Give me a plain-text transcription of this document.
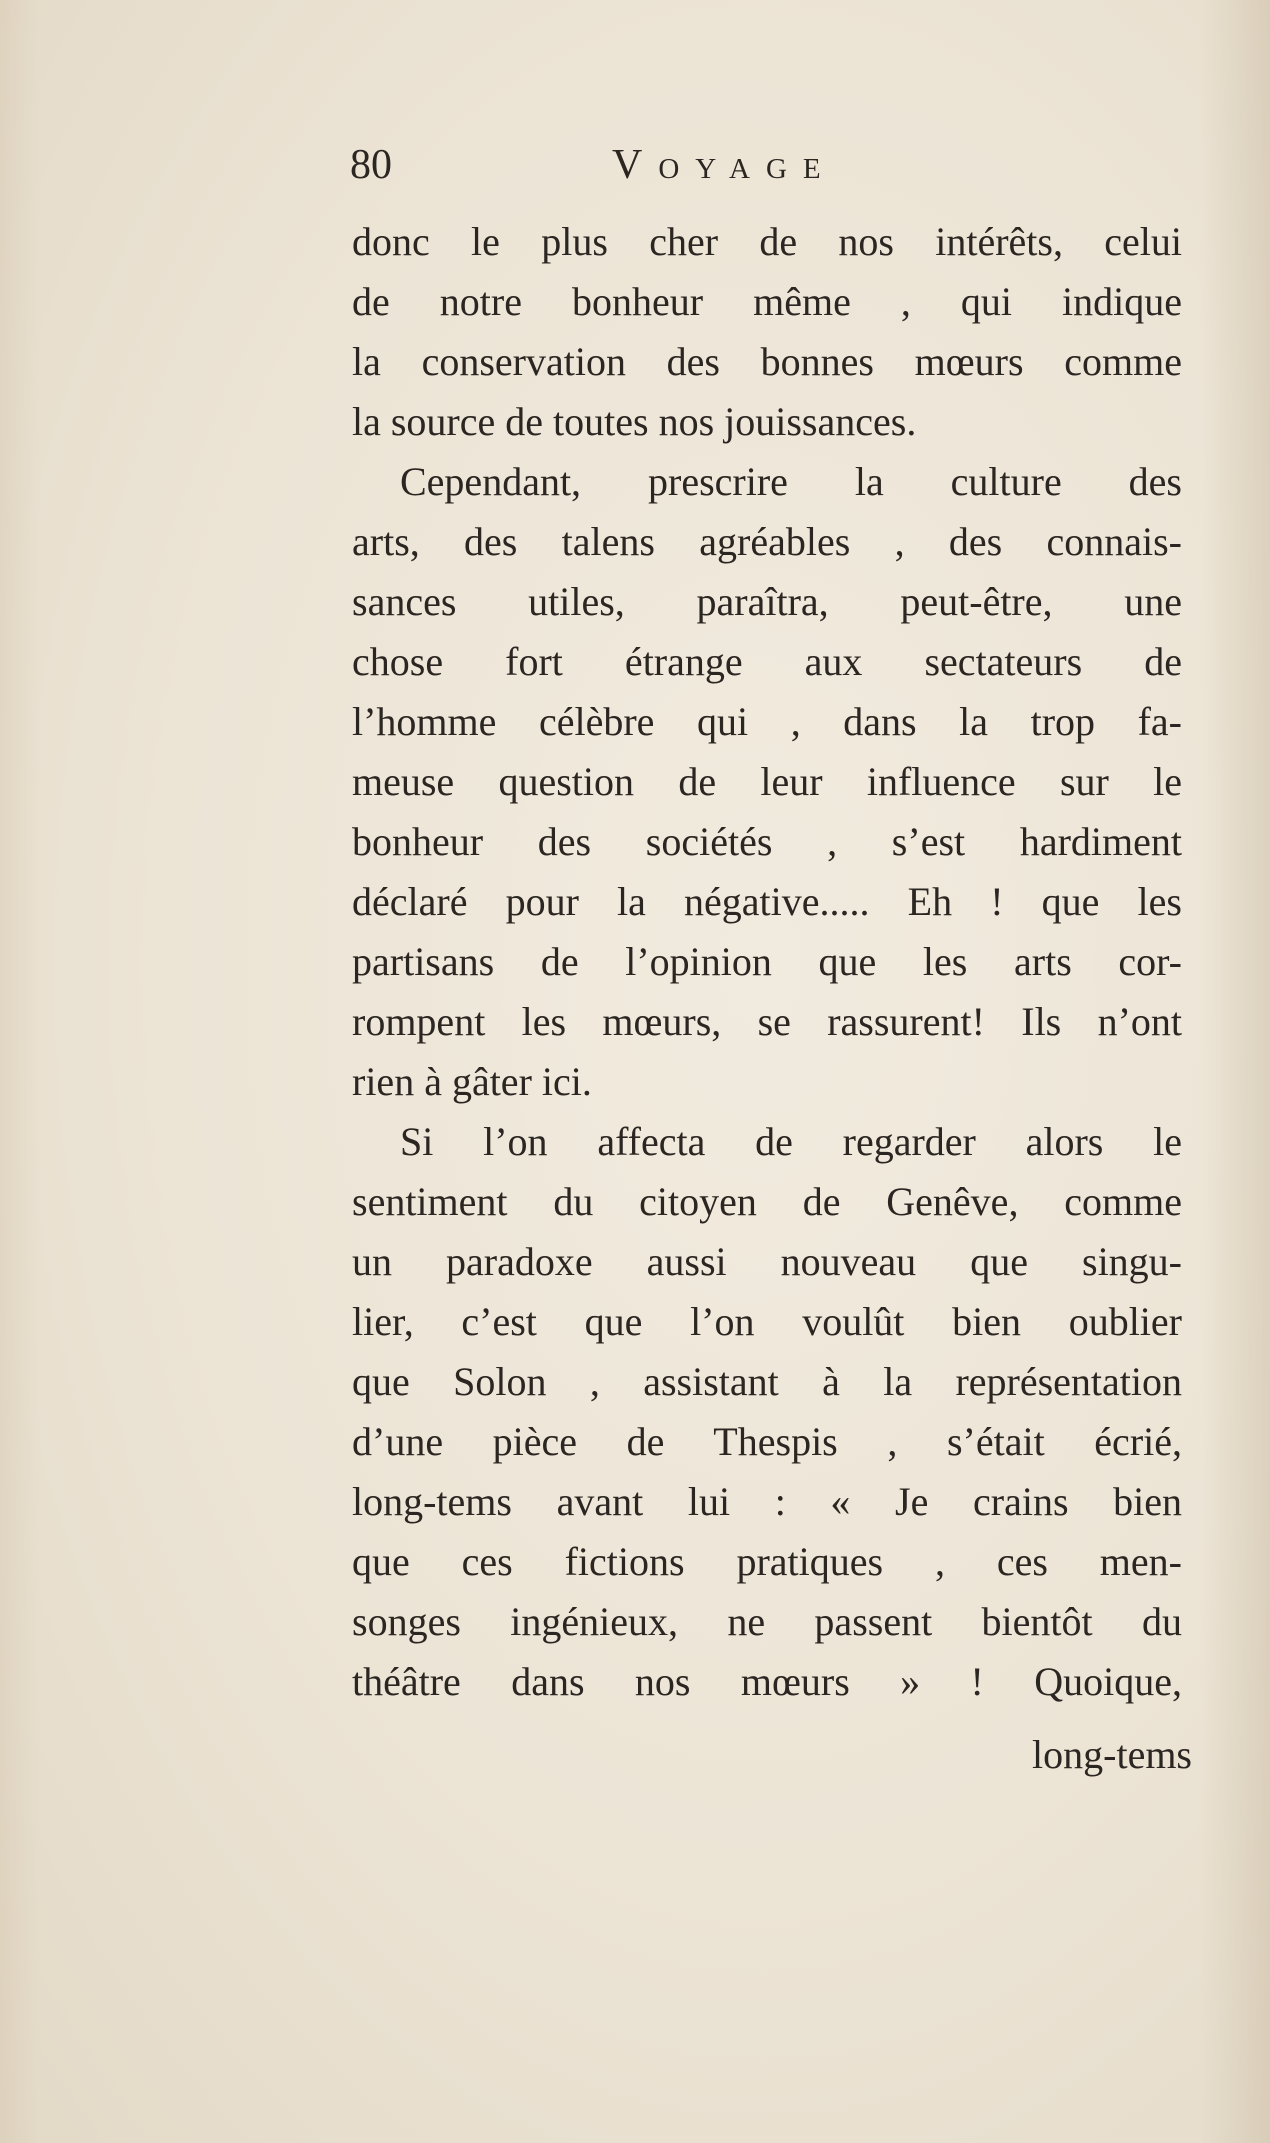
80	Voyage
donc le plus cher de nos intérêts, celui
de notre bonheur même , qui indique
la conservation des bonnes mœurs comme
la source de toutes nos jouissances.
Cependant, prescrire la culture des
arts, des talens agréables , des connais-
sances utiles, paraîtra, peut-être, une
chose fort étrange aux sectateurs de
l’homme célèbre qui , dans la trop fa-
meuse question de leur influence sur le
bonheur des sociétés , s’est hardiment
déclaré pour la négative..... Eh ! que les
partisans de l’opinion que les arts cor-
rompent les mœurs, se rassurent! Ils n’ont
rien à gâter ici.
Si l’on affecta de regarder alors le
sentiment du citoyen de Genêve, comme
un paradoxe aussi nouveau que singu-
lier, c’est que l’on voulût bien oublier
que Solon , assistant à la représentation
d’une pièce de Thespis , s’était écrié,
long-tems avant lui : « Je crains bien
que ces fictions pratiques , ces men-
songes ingénieux, ne passent bientôt du
théâtre dans nos mœurs » ! Quoique,
long-tems
